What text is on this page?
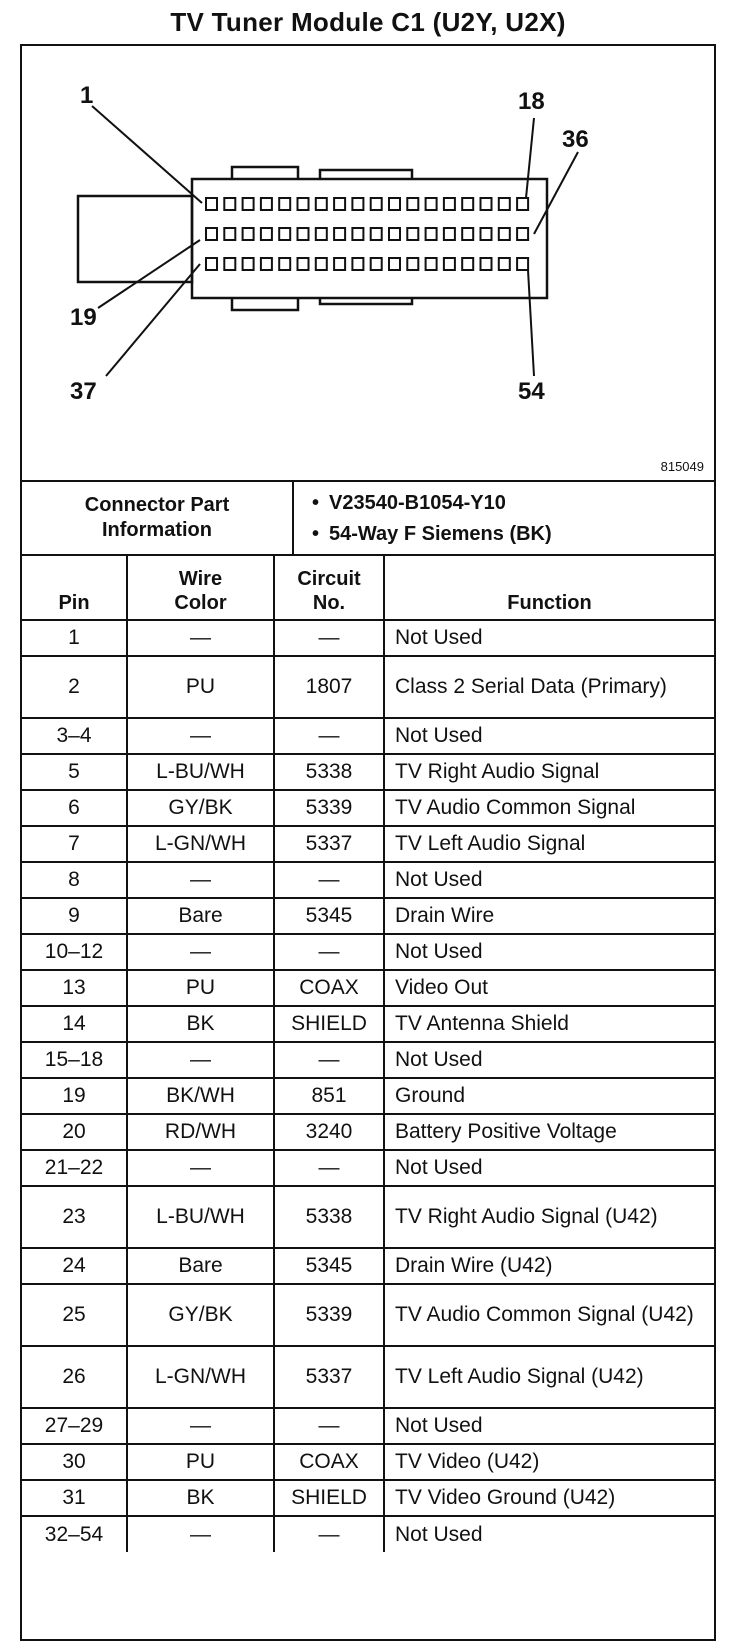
TV Tuner Module C1 (U2Y, U2X)
1	18
36
19
37	54
815049
Connector Part Information
• V23540-B1054-Y10
• 54-Way F Siemens (BK)
Pin	Wire Color	Circuit No.	Function
1	—	—	Not Used
2	PU	1807	Class 2 Serial Data (Primary)
3–4	—	—	Not Used
5	L-BU/WH	5338	TV Right Audio Signal
6	GY/BK	5339	TV Audio Common Signal
7	L-GN/WH	5337	TV Left Audio Signal
8	—	—	Not Used
9	Bare	5345	Drain Wire
10–12	—	—	Not Used
13	PU	COAX	Video Out
14	BK	SHIELD	TV Antenna Shield
15–18	—	—	Not Used
19	BK/WH	851	Ground
20	RD/WH	3240	Battery Positive Voltage
21–22	—	—	Not Used
23	L-BU/WH	5338	TV Right Audio Signal (U42)
24	Bare	5345	Drain Wire (U42)
25	GY/BK	5339	TV Audio Common Signal (U42)
26	L-GN/WH	5337	TV Left Audio Signal (U42)
27–29	—	—	Not Used
30	PU	COAX	TV Video (U42)
31	BK	SHIELD	TV Video Ground (U42)
32–54	—	—	Not Used
